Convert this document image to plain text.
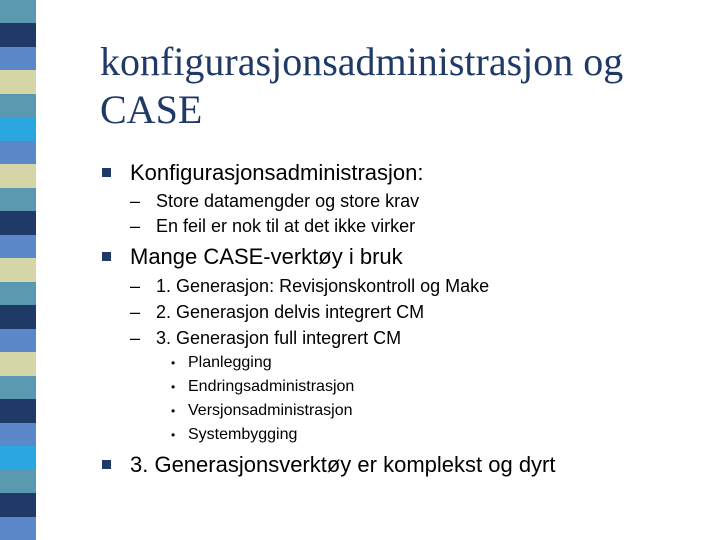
konfigurasjonsadministrasjon og CASE
Konfigurasjonsadministrasjon:
– Store datamengder og store krav
– En feil er nok til at det ikke virker
Mange CASE-verktøy i bruk
– 1. Generasjon: Revisjonskontroll og Make
– 2. Generasjon delvis integrert CM
– 3. Generasjon full integrert CM
• Planlegging
• Endringsadministrasjon
• Versjonsadministrasjon
• Systembygging
3. Generasjonsverktøy er komplekst og dyrt
